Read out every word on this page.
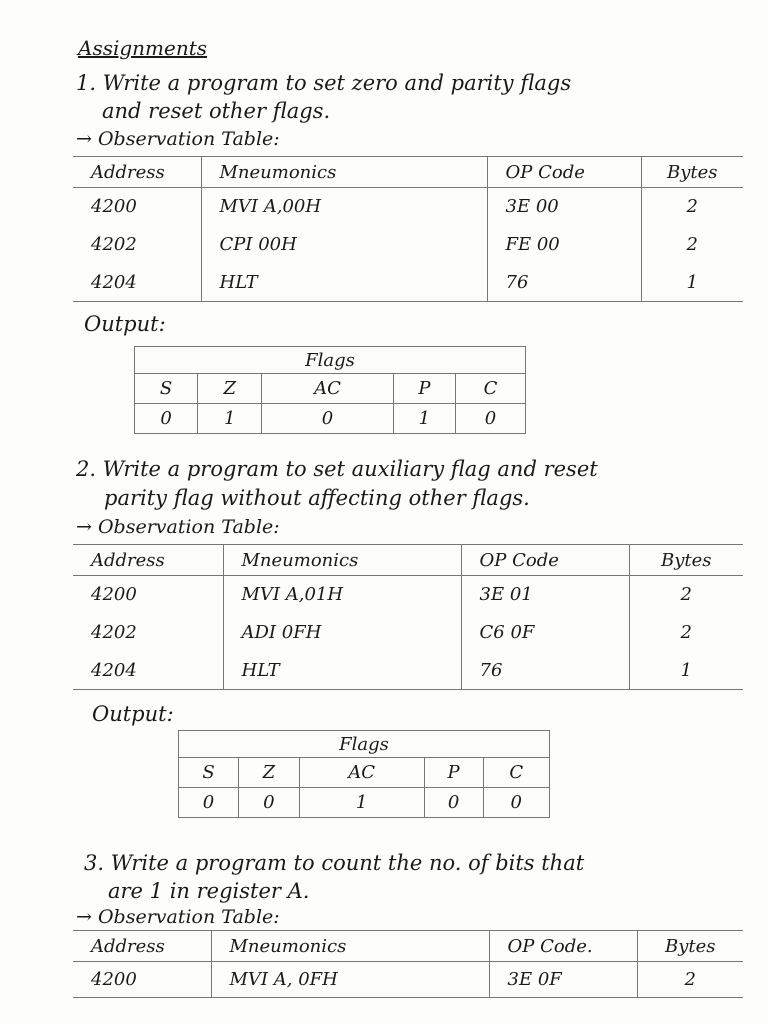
Assignments
1. Write a program to set zero and parity flags
and reset other flags.
→ Observation Table:
Address	Mneumonics	OP Code	Bytes
4200	MVI A,00H	3E 00	2
4202	CPI 00H	FE 00	2
4204	HLT	76	1
Output:
Flags				
S	Z	AC	P	C
0	1	0	1	0
2. Write a program to set auxiliary flag and reset
parity flag without affecting other flags.
→ Observation Table:
Address	Mneumonics	OP Code	Bytes
4200	MVI A,01H	3E 01	2
4202	ADI 0FH	C6 0F	2
4204	HLT	76	1
Output:
Flags				
S	Z	AC	P	C
0	0	1	0	0
3. Write a program to count the no. of bits that
are 1 in register A.
→ Observation Table:
Address	Mneumonics	OP Code.	Bytes
4200	MVI A, 0FH	3E 0F	2
